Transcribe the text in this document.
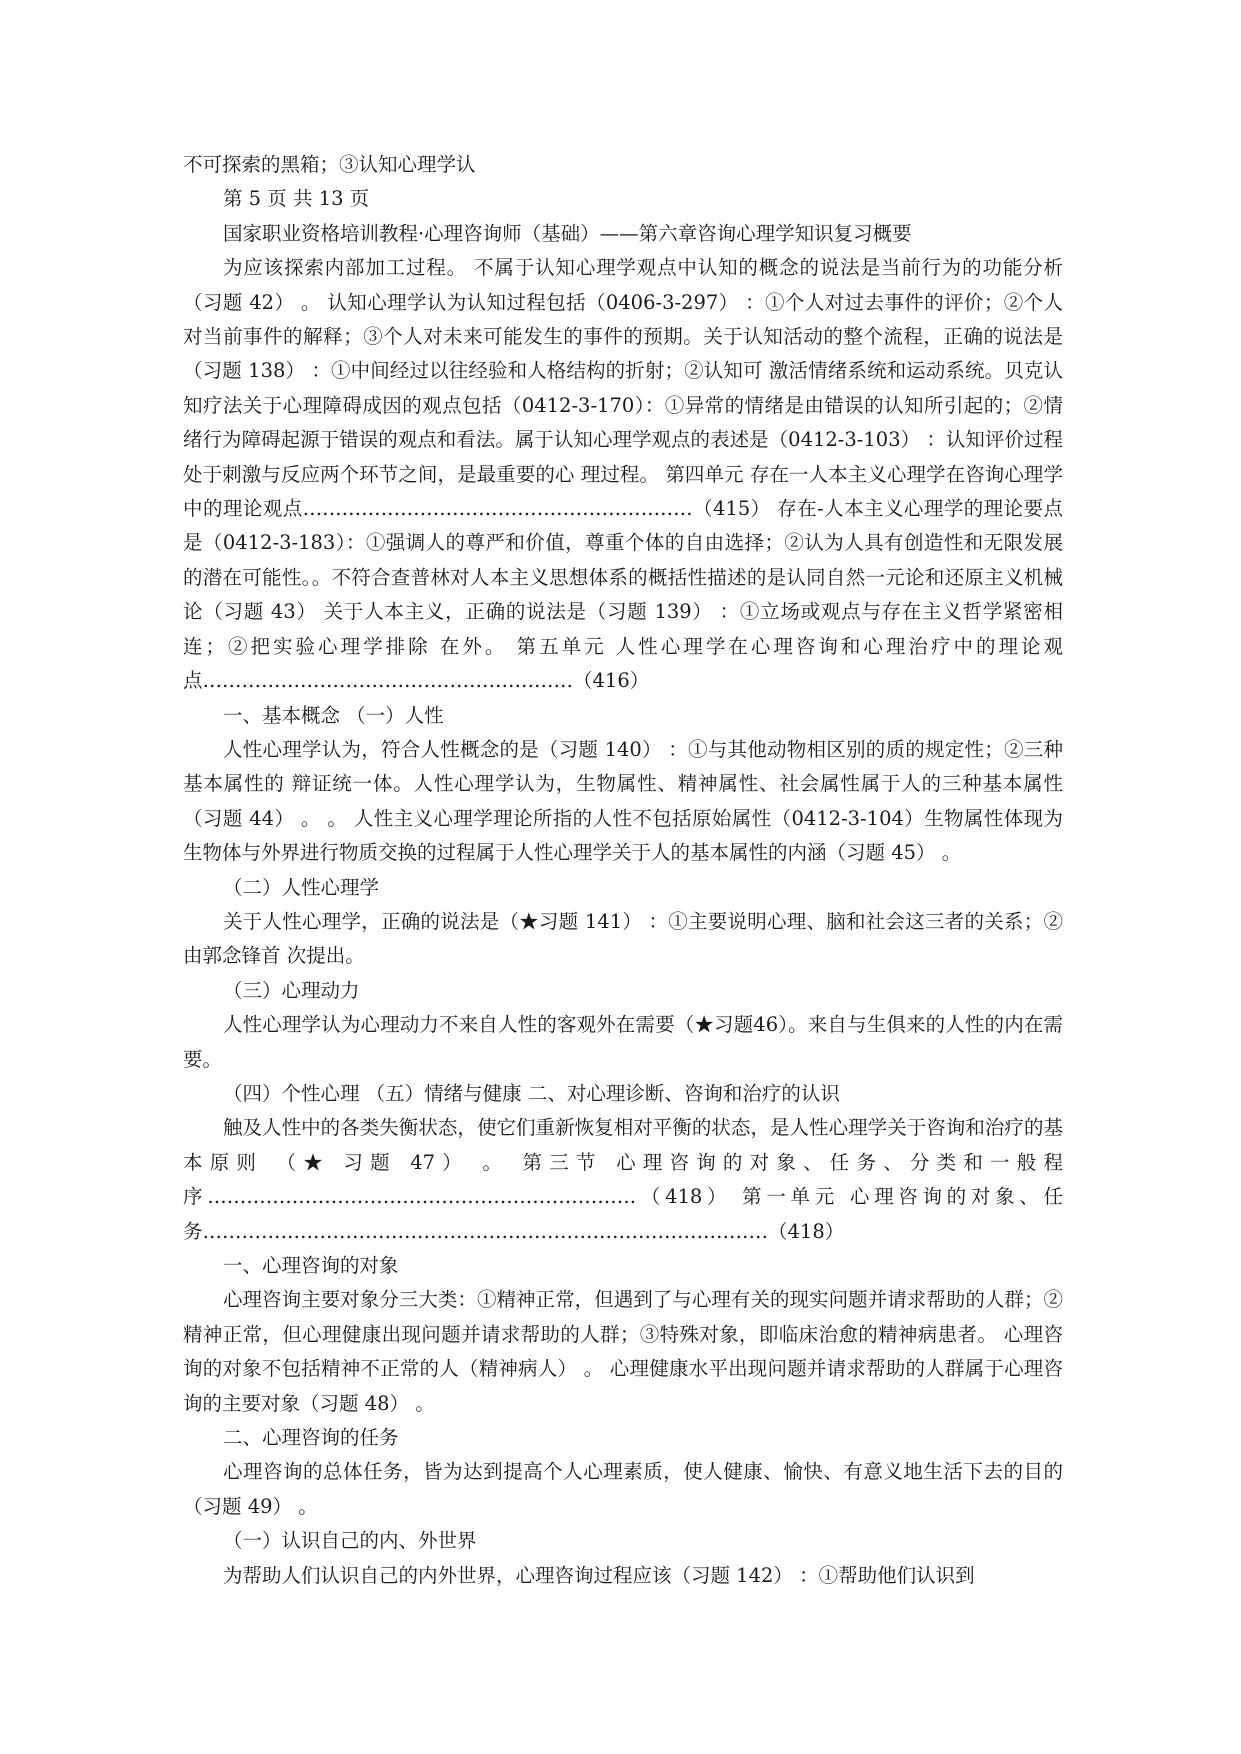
不可探索的黑箱；③认知心理学认

第 5 页 共 13 页

国家职业资格培训教程·心理咨询师（基础）——第六章咨询心理学知识复习概要

为应该探索内部加工过程。 不属于认知心理学观点中认知的概念的说法是当前行为的功能分析（习题 42） 。 认知心理学认为认知过程包括（0406-3-297） ：①个人对过去事件的评价；②个人对当前事件的解释；③个人对未来可能发生的事件的预期。关于认知活动的整个流程，正确的说法是（习题 138） ：①中间经过以往经验和人格结构的折射；②认知可 激活情绪系统和运动系统。贝克认知疗法关于心理障碍成因的观点包括（0412-3-170）：①异常的情绪是由错误的认知所引起的；②情绪行为障碍起源于错误的观点和看法。属于认知心理学观点的表述是（0412-3-103） ：认知评价过程处于刺激与反应两个环节之间，是最重要的心 理过程。 第四单元 存在一人本主义心理学在咨询心理学中的理论观点……………………………………………………（415） 存在-人本主义心理学的理论要点是（0412-3-183）：①强调人的尊严和价值，尊重个体的自由选择；②认为人具有创造性和无限发展的潜在可能性。。不符合查普林对人本主义思想体系的概括性描述的是认同自然一元论和还原主义机械论（习题 43） 关于人本主义，正确的说法是（习题 139） ：①立场或观点与存在主义哲学紧密相连；②把实验心理学排除 在外。 第五单元 人性心理学在心理咨询和心理治疗中的理论观点…………………………………………………（416）

一、基本概念 （一）人性

人性心理学认为，符合人性概念的是（习题 140） ：①与其他动物相区别的质的规定性；②三种基本属性的 辩证统一体。人性心理学认为，生物属性、精神属性、社会属性属于人的三种基本属性（习题 44） 。 。 人性主义心理学理论所指的人性不包括原始属性（0412-3-104）生物属性体现为生物体与外界进行物质交换的过程属于人性心理学关于人的基本属性的内涵（习题 45） 。

（二）人性心理学

关于人性心理学，正确的说法是（★习题 141） ：①主要说明心理、脑和社会这三者的关系；②由郭念锋首 次提出。

（三）心理动力

人性心理学认为心理动力不来自人性的客观外在需要（★习题46）。来自与生俱来的人性的内在需要。

（四）个性心理 （五）情绪与健康 二、对心理诊断、咨询和治疗的认识

触及人性中的各类失衡状态，使它们重新恢复相对平衡的状态，是人性心理学关于咨询和治疗的基本原则 （★ 习题 47） 。 第三节 心理咨询的对象、任务、分类和一般程序…………………………………………………………（418） 第一单元 心理咨询的对象、任务……………………………………………………………………………（418）

一、心理咨询的对象

心理咨询主要对象分三大类：①精神正常，但遇到了与心理有关的现实问题并请求帮助的人群；②精神正常，但心理健康出现问题并请求帮助的人群；③特殊对象，即临床治愈的精神病患者。 心理咨询的对象不包括精神不正常的人（精神病人） 。 心理健康水平出现问题并请求帮助的人群属于心理咨询的主要对象（习题 48） 。

二、心理咨询的任务

心理咨询的总体任务，皆为达到提高个人心理素质，使人健康、愉快、有意义地生活下去的目的（习题 49） 。

（一）认识自己的内、外世界

为帮助人们认识自己的内外世界，心理咨询过程应该（习题 142） ：①帮助他们认识到
